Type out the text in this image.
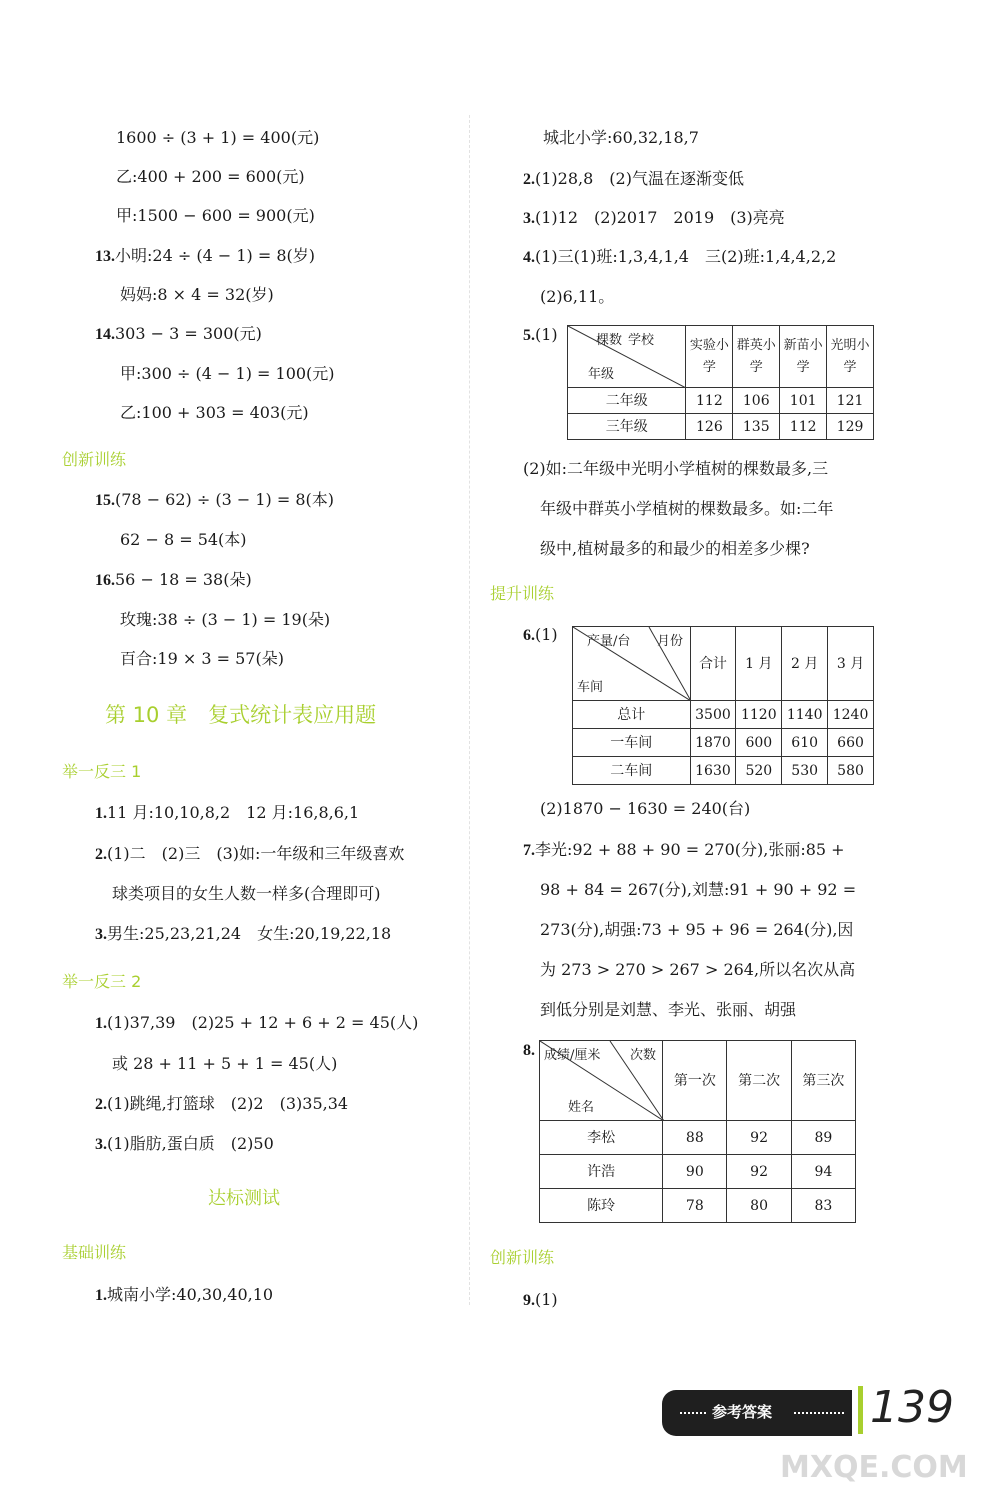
1600 ÷ (3 + 1) = 400(元)
乙:400 + 200 = 600(元)
甲:1500 − 600 = 900(元)
13.小明:24 ÷ (4 − 1) = 8(岁)
妈妈:8 × 4 = 32(岁)
14.303 − 3 = 300(元)
甲:300 ÷ (4 − 1) = 100(元)
乙:100 + 303 = 403(元)
创新训练
15.(78 − 62) ÷ (3 − 1) = 8(本)
62 − 8 = 54(本)
16.56 − 18 = 38(朵)
玫瑰:38 ÷ (3 − 1) = 19(朵)
百合:19 × 3 = 57(朵)
第 10 章　复式统计表应用题
举一反三 1
1.11 月:10,10,8,2　12 月:16,8,6,1
2.(1)二　(2)三　(3)如:一年级和三年级喜欢
球类项目的女生人数一样多(合理即可)
3.男生:25,23,21,24　女生:20,19,22,18
举一反三 2
1.(1)37,39　(2)25 + 12 + 6 + 2 = 45(人)
或 28 + 11 + 5 + 1 = 45(人)
2.(1)跳绳,打篮球　(2)2　(3)35,34
3.(1)脂肪,蛋白质　(2)50
达标测试
基础训练
1.城南小学:40,30,40,10
城北小学:60,32,18,7
2.(1)28,8　(2)气温在逐渐变低
3.(1)12　(2)2017　2019　(3)亮亮
4.(1)三(1)班:1,3,4,1,4　三(2)班:1,4,4,2,2
(2)6,11。
5.(1)	学校
棵数
年级	实验小学	群英小学	新苗小学	光明小学
二年级	112	106	101	121
三年级	126	135	112	129
(2)如:二年级中光明小学植树的棵数最多,三
年级中群英小学植树的棵数最多。如:二年
级中,植树最多的和最少的相差多少棵?
提升训练
6.(1)	月份
产量/台
车间	合计	1 月	2 月	3 月
总计	3500	1120	1140	1240
一车间	1870	600	610	660
二车间	1630	520	530	580
(2)1870 − 1630 = 240(台)
7.李光:92 + 88 + 90 = 270(分),张丽:85 +
98 + 84 = 267(分),刘慧:91 + 90 + 92 =
273(分),胡强:73 + 95 + 96 = 264(分),因
为 273 > 270 > 267 > 264,所以名次从高
到低分别是刘慧、李光、张丽、胡强
8.	次数
成绩/厘米
姓名	第一次	第二次	第三次
李松	88	92	89
许浩	90	92	94
陈玲	78	80	83
创新训练
9.(1)
参考答案 139
MXQE.COM
